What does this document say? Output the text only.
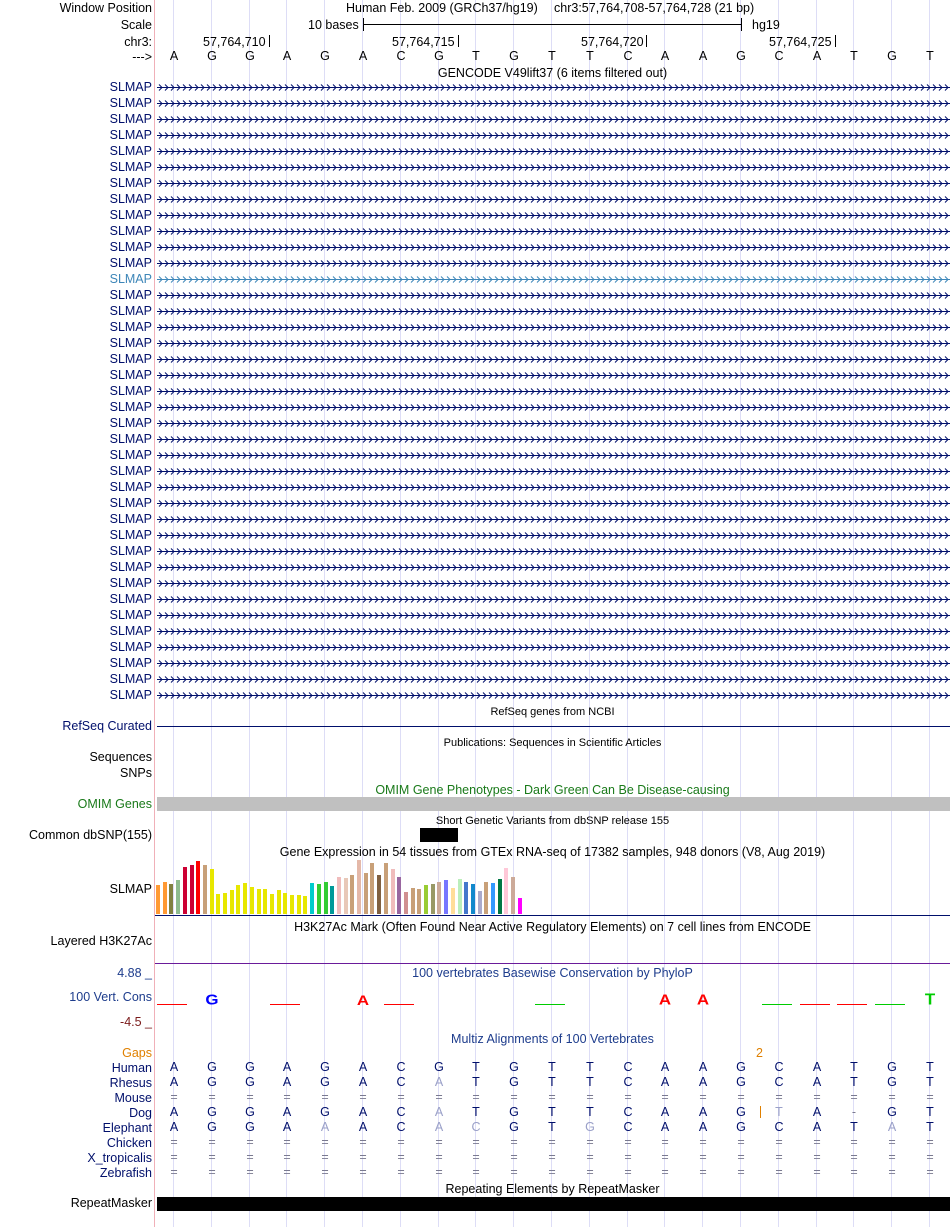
Window Position	Human Feb. 2009 (GRCh37/hg19) chr3:57,764,708-57,764,728 (21 bp)
Scale	10 bases	hg19
chr3:	57,764,710	57,764,715	57,764,720	57,764,725
--->	A	G	G	A	G	A	C	G	T	G	T	T	C	A	A	G	C	A	T	G	T
GENCODE V49lift37 (6 items filtered out)
SLMAP
SLMAP
SLMAP
SLMAP
SLMAP
SLMAP
SLMAP
SLMAP
SLMAP
SLMAP
SLMAP
SLMAP
SLMAP
SLMAP
SLMAP
SLMAP
SLMAP
SLMAP
SLMAP
SLMAP
SLMAP
SLMAP
SLMAP
SLMAP
SLMAP
SLMAP
SLMAP
SLMAP
SLMAP
SLMAP
SLMAP
SLMAP
SLMAP
SLMAP
SLMAP
SLMAP
SLMAP
SLMAP
SLMAP
RefSeq genes from NCBI
RefSeq Curated
Publications: Sequences in Scientific Articles
Sequences
SNPs
OMIM Gene Phenotypes - Dark Green Can Be Disease-causing
OMIM Genes
Short Genetic Variants from dbSNP release 155
Common dbSNP(155)
Gene Expression in 54 tissues from GTEx RNA-seq of 17382 samples, 948 donors (V8, Aug 2019)
SLMAP
H3K27Ac Mark (Often Found Near Active Regulatory Elements) on 7 cell lines from ENCODE
Layered H3K27Ac
100 vertebrates Basewise Conservation by PhyloP
4.88 _
100 Vert. Cons
-4.5 _
G	A	A	A	T
Multiz Alignments of 100 Vertebrates
Gaps	2
Human	A	G	G	A	G	A	C	G	T	G	T	T	C	A	A	G	C	A	T	G	T
Rhesus	A	G	G	A	G	A	C	A	T	G	T	T	C	A	A	G	C	A	T	G	T
Mouse	=	=	=	=	=	=	=	=	=	=	=	=	=	=	=	=	=	=	=	=	=
Dog	A	G	G	A	G	A	C	A	T	G	T	T	C	A	A	G	T	A	-	G	T
Elephant	A	G	G	A	A	A	C	A	C	G	T	G	C	A	A	G	C	A	T	A	T
Chicken	=	=	=	=	=	=	=	=	=	=	=	=	=	=	=	=	=	=	=	=	=
X_tropicalis	=	=	=	=	=	=	=	=	=	=	=	=	=	=	=	=	=	=	=	=	=
Zebrafish	=	=	=	=	=	=	=	=	=	=	=	=	=	=	=	=	=	=	=	=	=
Repeating Elements by RepeatMasker
RepeatMasker
